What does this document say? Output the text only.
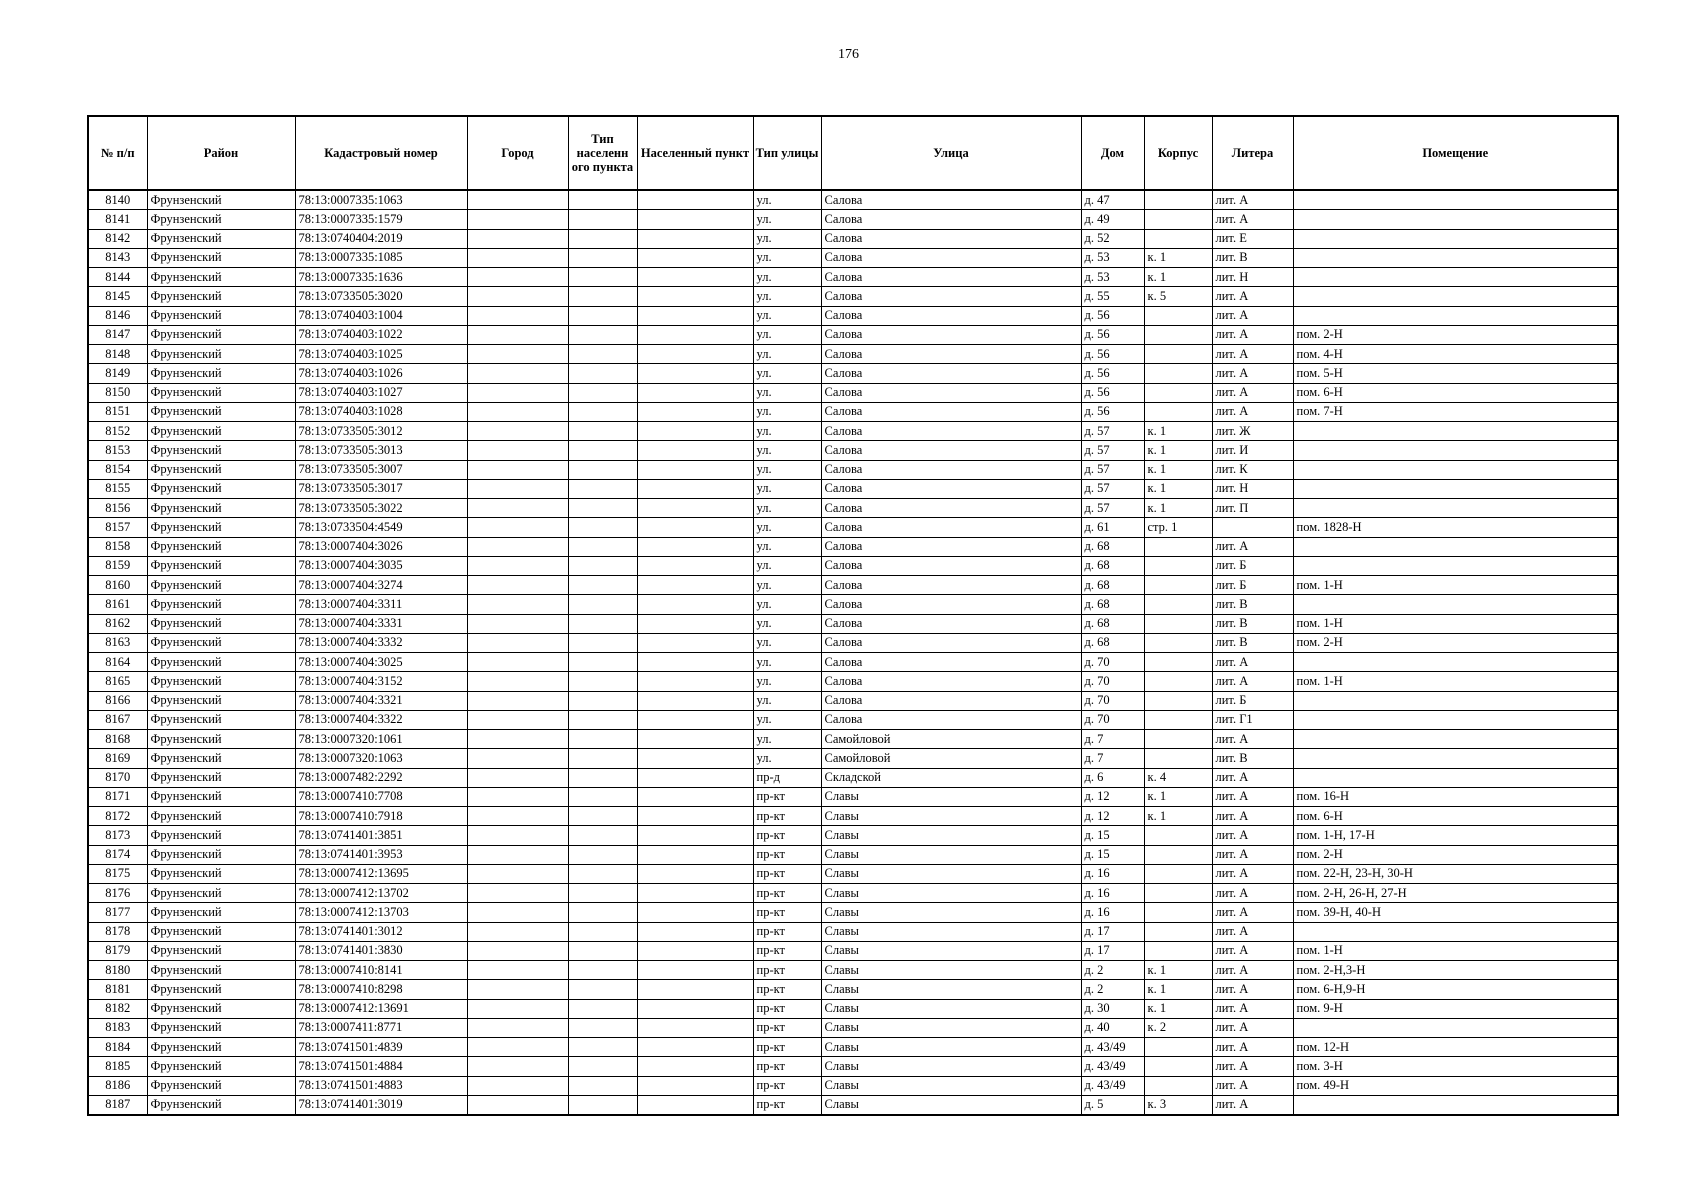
176
№ п/п	Район	Кадастровый номер	Город	Тип населенн ого пункта	Населенный пункт	Тип улицы	Улица	Дом	Корпус	Литера	Помещение
8140	Фрунзенский	78:13:0007335:1063				ул.	Салова	д. 47		лит. А	
8141	Фрунзенский	78:13:0007335:1579				ул.	Салова	д. 49		лит. А	
8142	Фрунзенский	78:13:0740404:2019				ул.	Салова	д. 52		лит. Е	
8143	Фрунзенский	78:13:0007335:1085				ул.	Салова	д. 53	к. 1	лит. В	
8144	Фрунзенский	78:13:0007335:1636				ул.	Салова	д. 53	к. 1	лит. Н	
8145	Фрунзенский	78:13:0733505:3020				ул.	Салова	д. 55	к. 5	лит. А	
8146	Фрунзенский	78:13:0740403:1004				ул.	Салова	д. 56		лит. А	
8147	Фрунзенский	78:13:0740403:1022				ул.	Салова	д. 56		лит. А	пом. 2-Н
8148	Фрунзенский	78:13:0740403:1025				ул.	Салова	д. 56		лит. А	пом. 4-Н
8149	Фрунзенский	78:13:0740403:1026				ул.	Салова	д. 56		лит. А	пом. 5-Н
8150	Фрунзенский	78:13:0740403:1027				ул.	Салова	д. 56		лит. А	пом. 6-Н
8151	Фрунзенский	78:13:0740403:1028				ул.	Салова	д. 56		лит. А	пом. 7-Н
8152	Фрунзенский	78:13:0733505:3012				ул.	Салова	д. 57	к. 1	лит. Ж	
8153	Фрунзенский	78:13:0733505:3013				ул.	Салова	д. 57	к. 1	лит. И	
8154	Фрунзенский	78:13:0733505:3007				ул.	Салова	д. 57	к. 1	лит. К	
8155	Фрунзенский	78:13:0733505:3017				ул.	Салова	д. 57	к. 1	лит. Н	
8156	Фрунзенский	78:13:0733505:3022				ул.	Салова	д. 57	к. 1	лит. П	
8157	Фрунзенский	78:13:0733504:4549				ул.	Салова	д. 61	стр. 1		пом. 1828-Н
8158	Фрунзенский	78:13:0007404:3026				ул.	Салова	д. 68		лит. А	
8159	Фрунзенский	78:13:0007404:3035				ул.	Салова	д. 68		лит. Б	
8160	Фрунзенский	78:13:0007404:3274				ул.	Салова	д. 68		лит. Б	пом. 1-Н
8161	Фрунзенский	78:13:0007404:3311				ул.	Салова	д. 68		лит. В	
8162	Фрунзенский	78:13:0007404:3331				ул.	Салова	д. 68		лит. В	пом. 1-Н
8163	Фрунзенский	78:13:0007404:3332				ул.	Салова	д. 68		лит. В	пом. 2-Н
8164	Фрунзенский	78:13:0007404:3025				ул.	Салова	д. 70		лит. А	
8165	Фрунзенский	78:13:0007404:3152				ул.	Салова	д. 70		лит. А	пом. 1-Н
8166	Фрунзенский	78:13:0007404:3321				ул.	Салова	д. 70		лит. Б	
8167	Фрунзенский	78:13:0007404:3322				ул.	Салова	д. 70		лит. Г1	
8168	Фрунзенский	78:13:0007320:1061				ул.	Самойловой	д. 7		лит. А	
8169	Фрунзенский	78:13:0007320:1063				ул.	Самойловой	д. 7		лит. В	
8170	Фрунзенский	78:13:0007482:2292				пр-д	Складской	д. 6	к. 4	лит. А	
8171	Фрунзенский	78:13:0007410:7708				пр-кт	Славы	д. 12	к. 1	лит. А	пом. 16-Н
8172	Фрунзенский	78:13:0007410:7918				пр-кт	Славы	д. 12	к. 1	лит. А	пом. 6-Н
8173	Фрунзенский	78:13:0741401:3851				пр-кт	Славы	д. 15		лит. А	пом. 1-Н, 17-Н
8174	Фрунзенский	78:13:0741401:3953				пр-кт	Славы	д. 15		лит. А	пом. 2-Н
8175	Фрунзенский	78:13:0007412:13695				пр-кт	Славы	д. 16		лит. А	пом. 22-Н, 23-Н, 30-Н
8176	Фрунзенский	78:13:0007412:13702				пр-кт	Славы	д. 16		лит. А	пом. 2-Н, 26-Н, 27-Н
8177	Фрунзенский	78:13:0007412:13703				пр-кт	Славы	д. 16		лит. А	пом. 39-Н, 40-Н
8178	Фрунзенский	78:13:0741401:3012				пр-кт	Славы	д. 17		лит. А	
8179	Фрунзенский	78:13:0741401:3830				пр-кт	Славы	д. 17		лит. А	пом. 1-Н
8180	Фрунзенский	78:13:0007410:8141				пр-кт	Славы	д. 2	к. 1	лит. А	пом. 2-Н,3-Н
8181	Фрунзенский	78:13:0007410:8298				пр-кт	Славы	д. 2	к. 1	лит. А	пом. 6-Н,9-Н
8182	Фрунзенский	78:13:0007412:13691				пр-кт	Славы	д. 30	к. 1	лит. А	пом. 9-Н
8183	Фрунзенский	78:13:0007411:8771				пр-кт	Славы	д. 40	к. 2	лит. А	
8184	Фрунзенский	78:13:0741501:4839				пр-кт	Славы	д. 43/49		лит. А	пом. 12-Н
8185	Фрунзенский	78:13:0741501:4884				пр-кт	Славы	д. 43/49		лит. А	пом. 3-Н
8186	Фрунзенский	78:13:0741501:4883				пр-кт	Славы	д. 43/49		лит. А	пом. 49-Н
8187	Фрунзенский	78:13:0741401:3019				пр-кт	Славы	д. 5	к. 3	лит. А	
